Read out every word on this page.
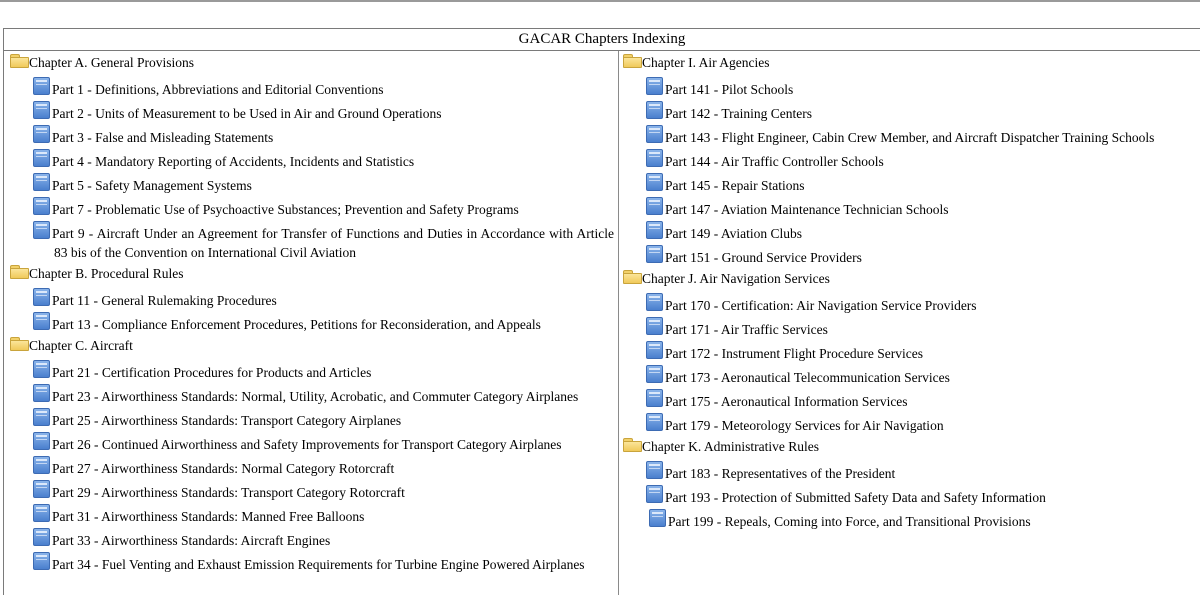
GACAR Chapters Indexing
Chapter A. General Provisions
Part 1 - Definitions, Abbreviations and Editorial Conventions
Part 2 - Units of Measurement to be Used in Air and Ground Operations
Part 3 - False and Misleading Statements
Part 4 - Mandatory Reporting of Accidents, Incidents and Statistics
Part 5 - Safety Management Systems
Part 7 - Problematic Use of Psychoactive Substances; Prevention and Safety Programs
Part 9 - Aircraft Under an Agreement for Transfer of Functions and Duties in Accordance with Article 83 bis of the Convention on International Civil Aviation
Chapter B. Procedural Rules
Part 11 - General Rulemaking Procedures
Part 13 - Compliance Enforcement Procedures, Petitions for Reconsideration, and Appeals
Chapter C. Aircraft
Part 21 - Certification Procedures for Products and Articles
Part 23 - Airworthiness Standards: Normal, Utility, Acrobatic, and Commuter Category Airplanes
Part 25 - Airworthiness Standards: Transport Category Airplanes
Part 26 - Continued Airworthiness and Safety Improvements for Transport Category Airplanes
Part 27 - Airworthiness Standards: Normal Category Rotorcraft
Part 29 - Airworthiness Standards: Transport Category Rotorcraft
Part 31 - Airworthiness Standards: Manned Free Balloons
Part 33 - Airworthiness Standards: Aircraft Engines
Part 34 - Fuel Venting and Exhaust Emission Requirements for Turbine Engine Powered Airplanes
Chapter I. Air Agencies
Part 141 - Pilot Schools
Part 142 - Training Centers
Part 143 - Flight Engineer, Cabin Crew Member, and Aircraft Dispatcher Training Schools
Part 144 - Air Traffic Controller Schools
Part 145 - Repair Stations
Part 147 - Aviation Maintenance Technician Schools
Part 149 - Aviation Clubs
Part 151 - Ground Service Providers
Chapter J. Air Navigation Services
Part 170 - Certification: Air Navigation Service Providers
Part 171 - Air Traffic Services
Part 172 - Instrument Flight Procedure Services
Part 173 - Aeronautical Telecommunication Services
Part 175 - Aeronautical Information Services
Part 179 - Meteorology Services for Air Navigation
Chapter K. Administrative Rules
Part 183 - Representatives of the President
Part 193 - Protection of Submitted Safety Data and Safety Information
Part 199 - Repeals, Coming into Force, and Transitional Provisions
